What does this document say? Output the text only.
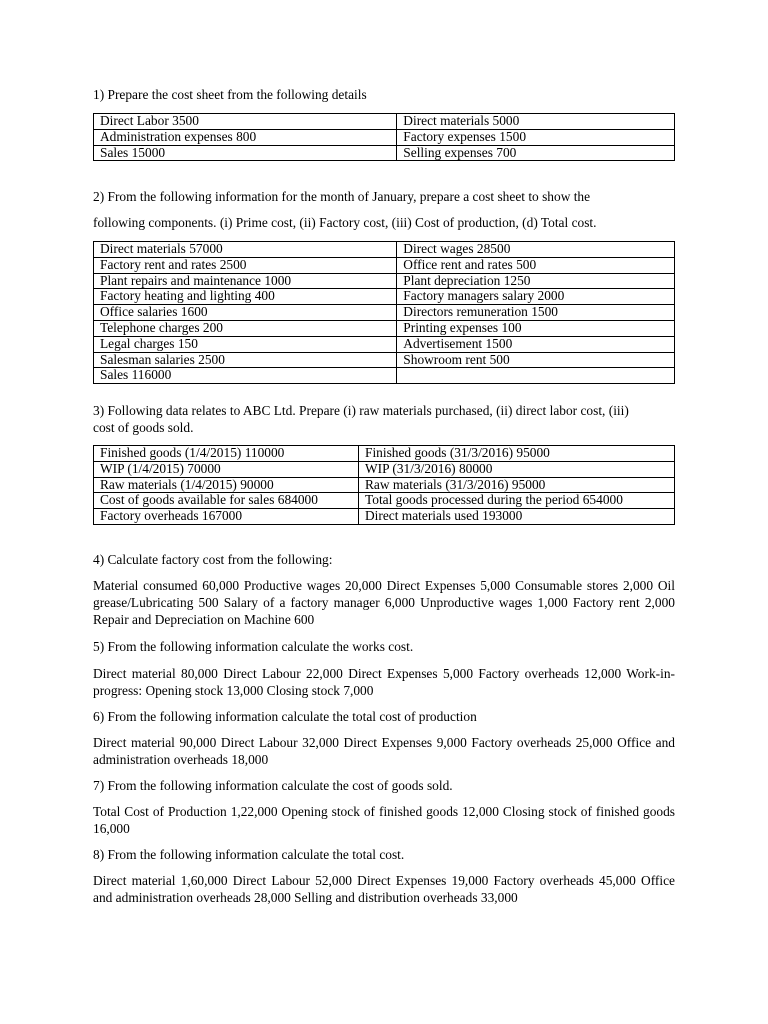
1) Prepare the cost sheet from the following details

Direct Labor 3500	Direct materials 5000
Administration expenses 800	Factory expenses 1500
Sales 15000	Selling expenses 700

2) From the following information for the month of January, prepare a cost sheet to show the

following components. (i) Prime cost, (ii) Factory cost, (iii) Cost of production, (d) Total cost.

Direct materials 57000	Direct wages 28500
Factory rent and rates 2500	Office rent and rates 500
Plant repairs and maintenance 1000	Plant depreciation 1250
Factory heating and lighting 400	Factory managers salary 2000
Office salaries 1600	Directors remuneration 1500
Telephone charges 200	Printing expenses 100
Legal charges 150	Advertisement 1500
Salesman salaries 2500	Showroom rent 500
Sales 116000	

3) Following data relates to ABC Ltd. Prepare (i) raw materials purchased, (ii) direct labor cost, (iii)

cost of goods sold.

Finished goods (1/4/2015) 110000	Finished goods (31/3/2016) 95000
WIP (1/4/2015) 70000	WIP (31/3/2016) 80000
Raw materials (1/4/2015) 90000	Raw materials (31/3/2016) 95000
Cost of goods available for sales 684000	Total goods processed during the period 654000
Factory overheads 167000	Direct materials used 193000

4) Calculate factory cost from the following:

Material consumed 60,000 Productive wages 20,000 Direct Expenses 5,000 Consumable stores 2,000 Oil grease/Lubricating 500 Salary of a factory manager 6,000 Unproductive wages 1,000 Factory rent 2,000 Repair and Depreciation on Machine 600

5) From the following information calculate the works cost.

Direct material 80,000 Direct Labour 22,000 Direct Expenses 5,000 Factory overheads 12,000 Work-in-progress: Opening stock 13,000 Closing stock 7,000

6) From the following information calculate the total cost of production

Direct material 90,000 Direct Labour 32,000 Direct Expenses 9,000 Factory overheads 25,000 Office and administration overheads 18,000

7) From the following information calculate the cost of goods sold.

Total Cost of Production 1,22,000 Opening stock of finished goods 12,000 Closing stock of finished goods 16,000

8) From the following information calculate the total cost.

Direct material 1,60,000 Direct Labour 52,000 Direct Expenses 19,000 Factory overheads 45,000 Office and administration overheads 28,000 Selling and distribution overheads 33,000
